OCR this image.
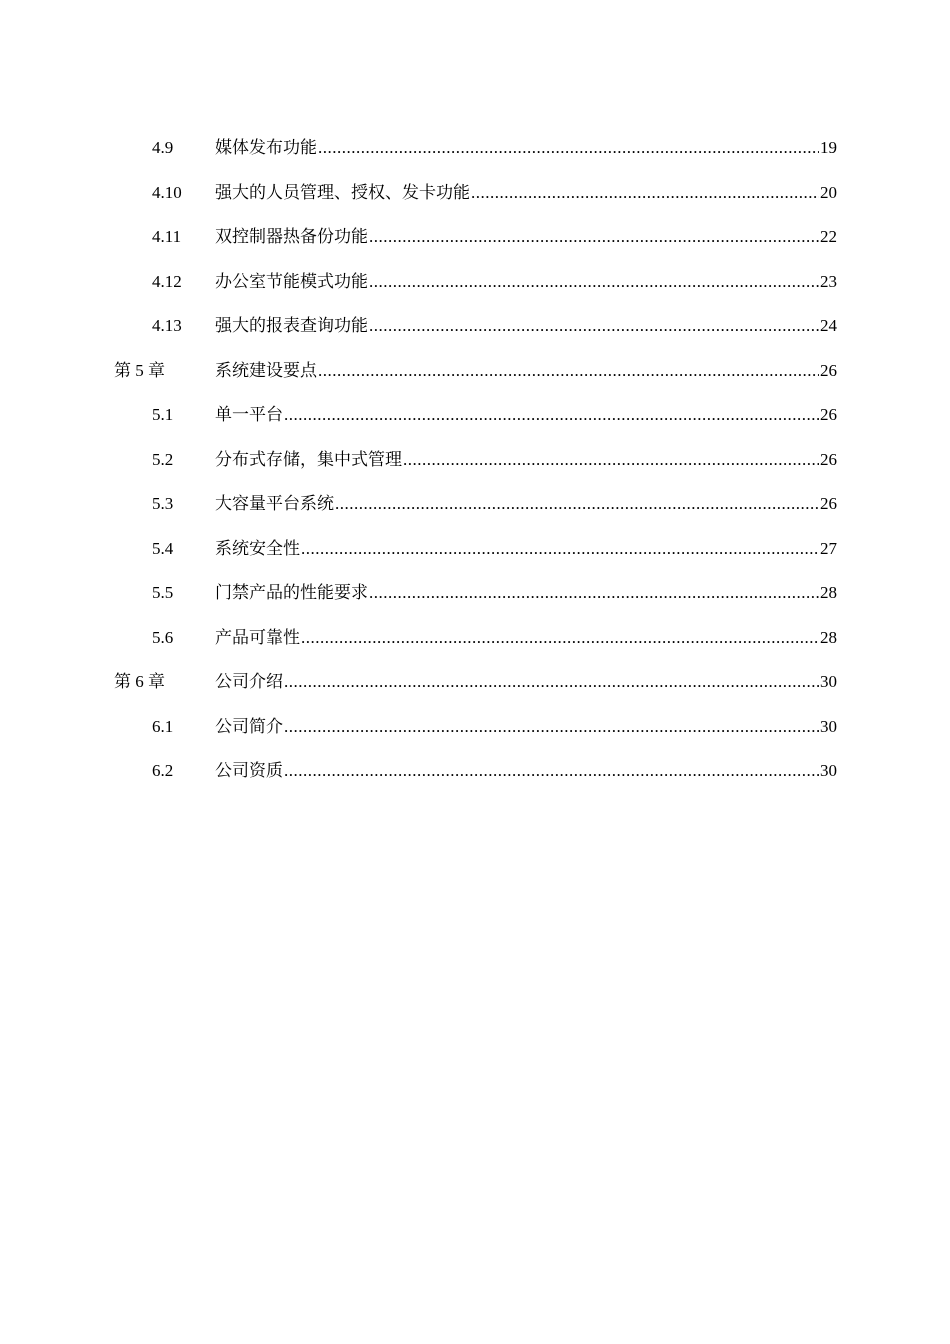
4.9 媒体发布功能 .....	19
4.10 强大的人员管理、授权、发卡功能 .....	20
4.11 双控制器热备份功能 .....	22
4.12 办公室节能模式功能 .....	23
4.13 强大的报表查询功能 .....	24
第 5 章	系统建设要点 .....	26
5.1 单一平台 .....	26
5.2 分布式存储，集中式管理 .....	26
5.3 大容量平台系统 .....	26
5.4 系统安全性 .....	27
5.5 门禁产品的性能要求 .....	28
5.6 产品可靠性 .....	28
第 6 章	公司介绍 .....	30
6.1 公司简介 .....	30
6.2 公司资质 .....	30
